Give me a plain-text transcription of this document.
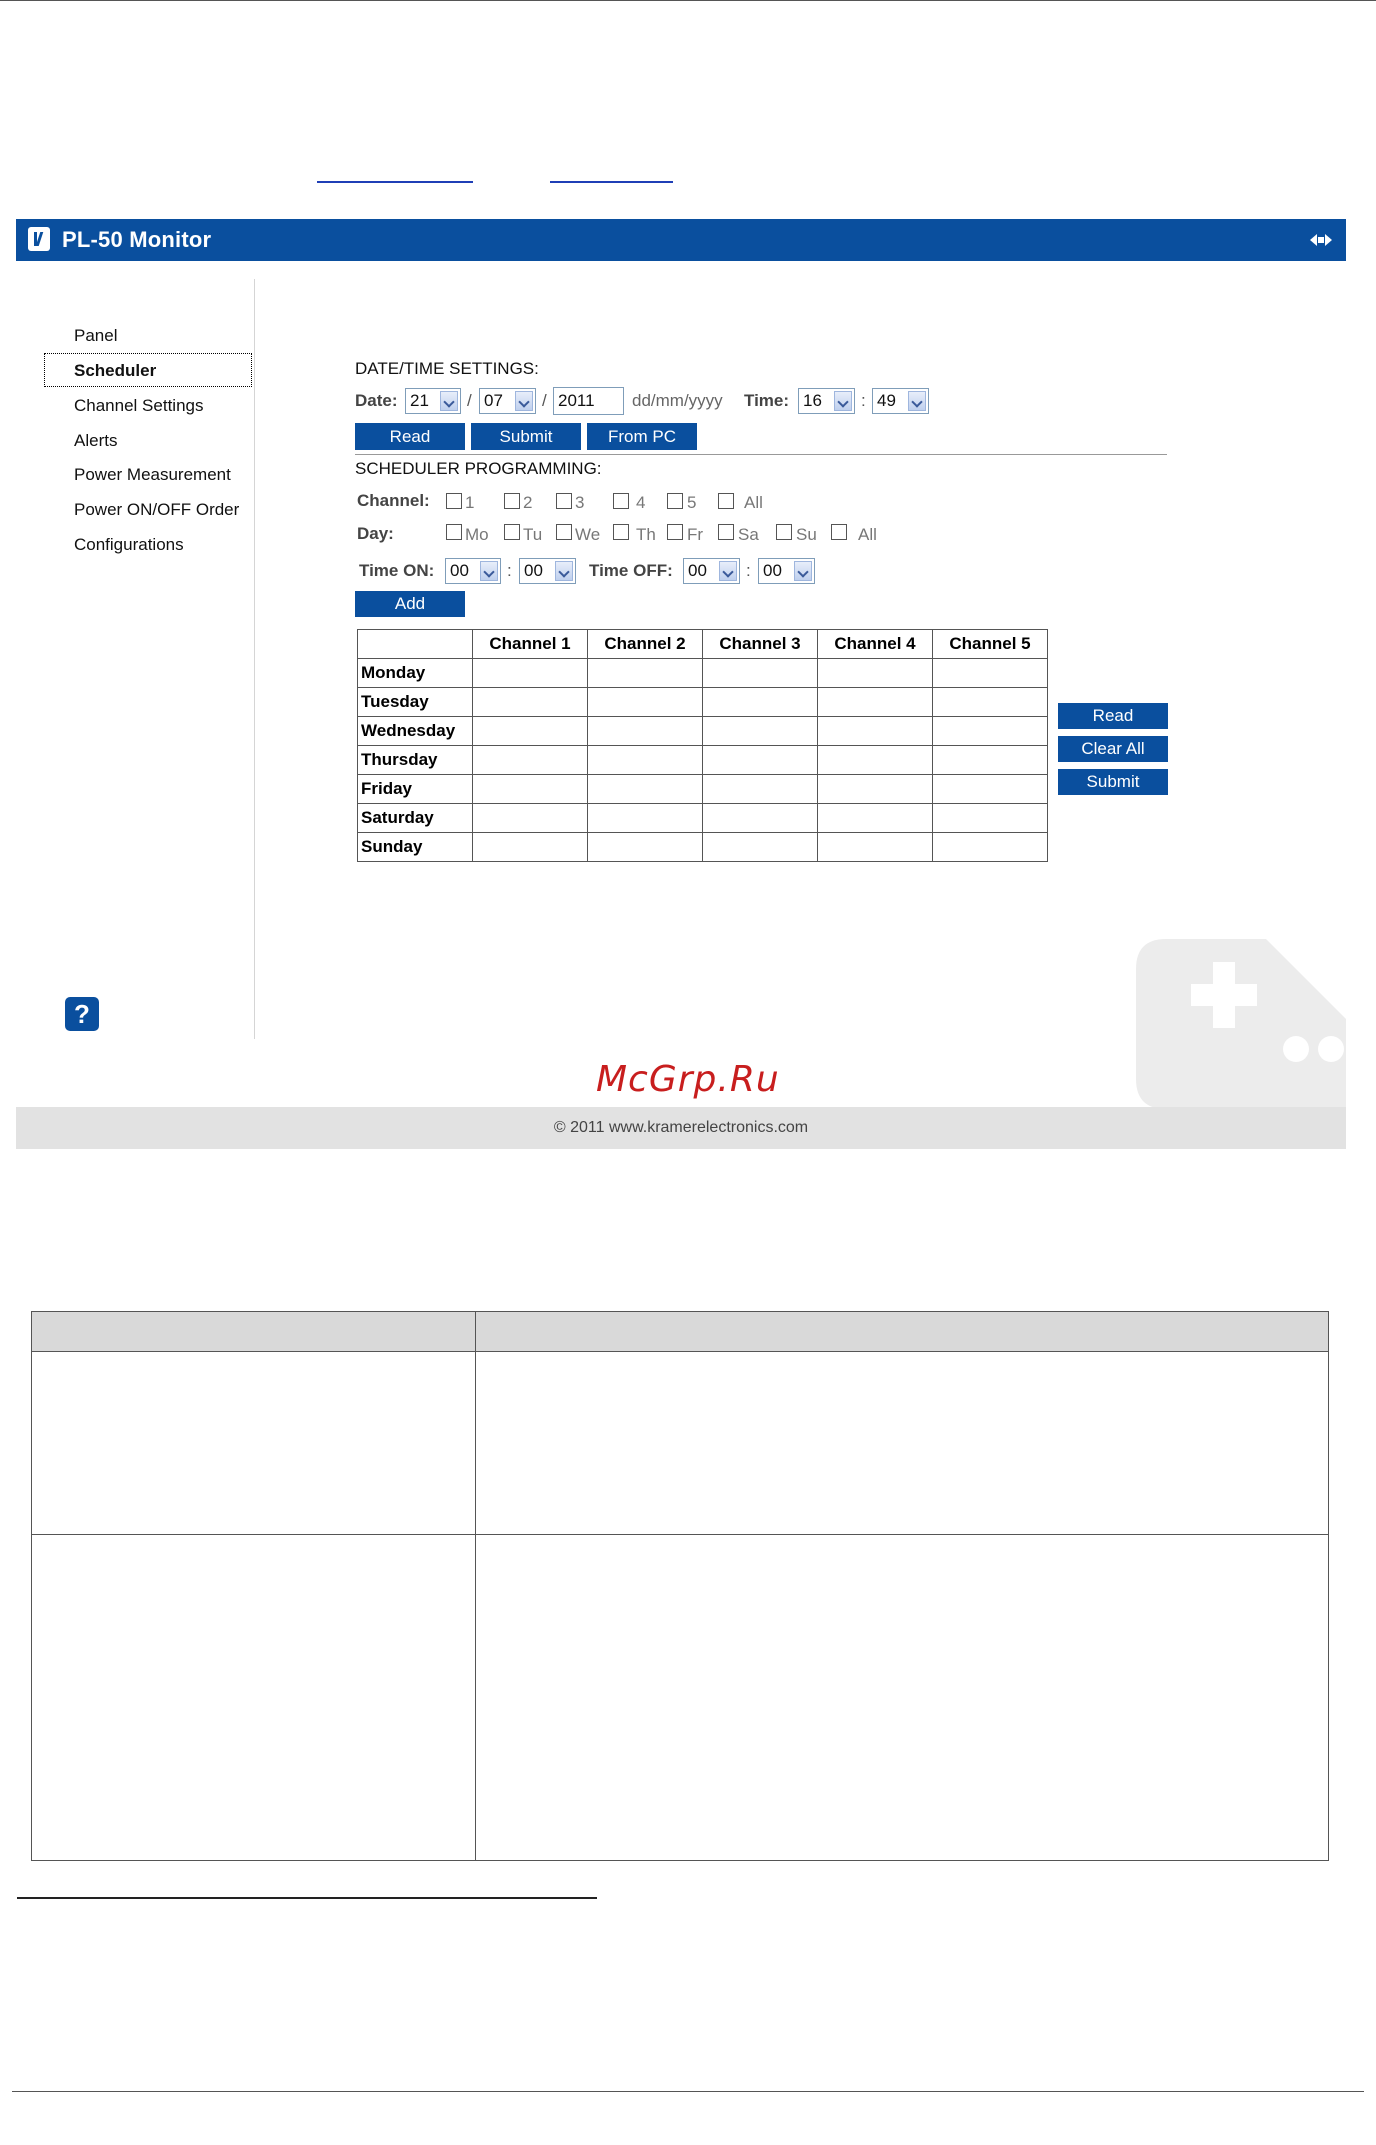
PL-50 Monitor
Panel
Scheduler
Channel Settings
Alerts
Power Measurement
Power ON/OFF Order
Configurations
?
DATE/TIME SETTINGS:
Date: 21	/ 07	/ 2011	dd/mm/yyyy Time: 16	: 49
Read	Submit	From PC
SCHEDULER PROGRAMMING:
Channel: 1	2	3	4 5	All
Day:	Mo Tu We Th Fr Sa Su All
Time ON: 00	: 00	Time OFF: 00	: 00
Add
	Channel 1	Channel 2	Channel 3	Channel 4	Channel 5
Monday					
Tuesday					
Wednesday					
Thursday					
Friday					
Saturday					
Sunday					
Read
Clear All
Submit
© 2011 www.kramerelectronics.com
McGrp.Ru
